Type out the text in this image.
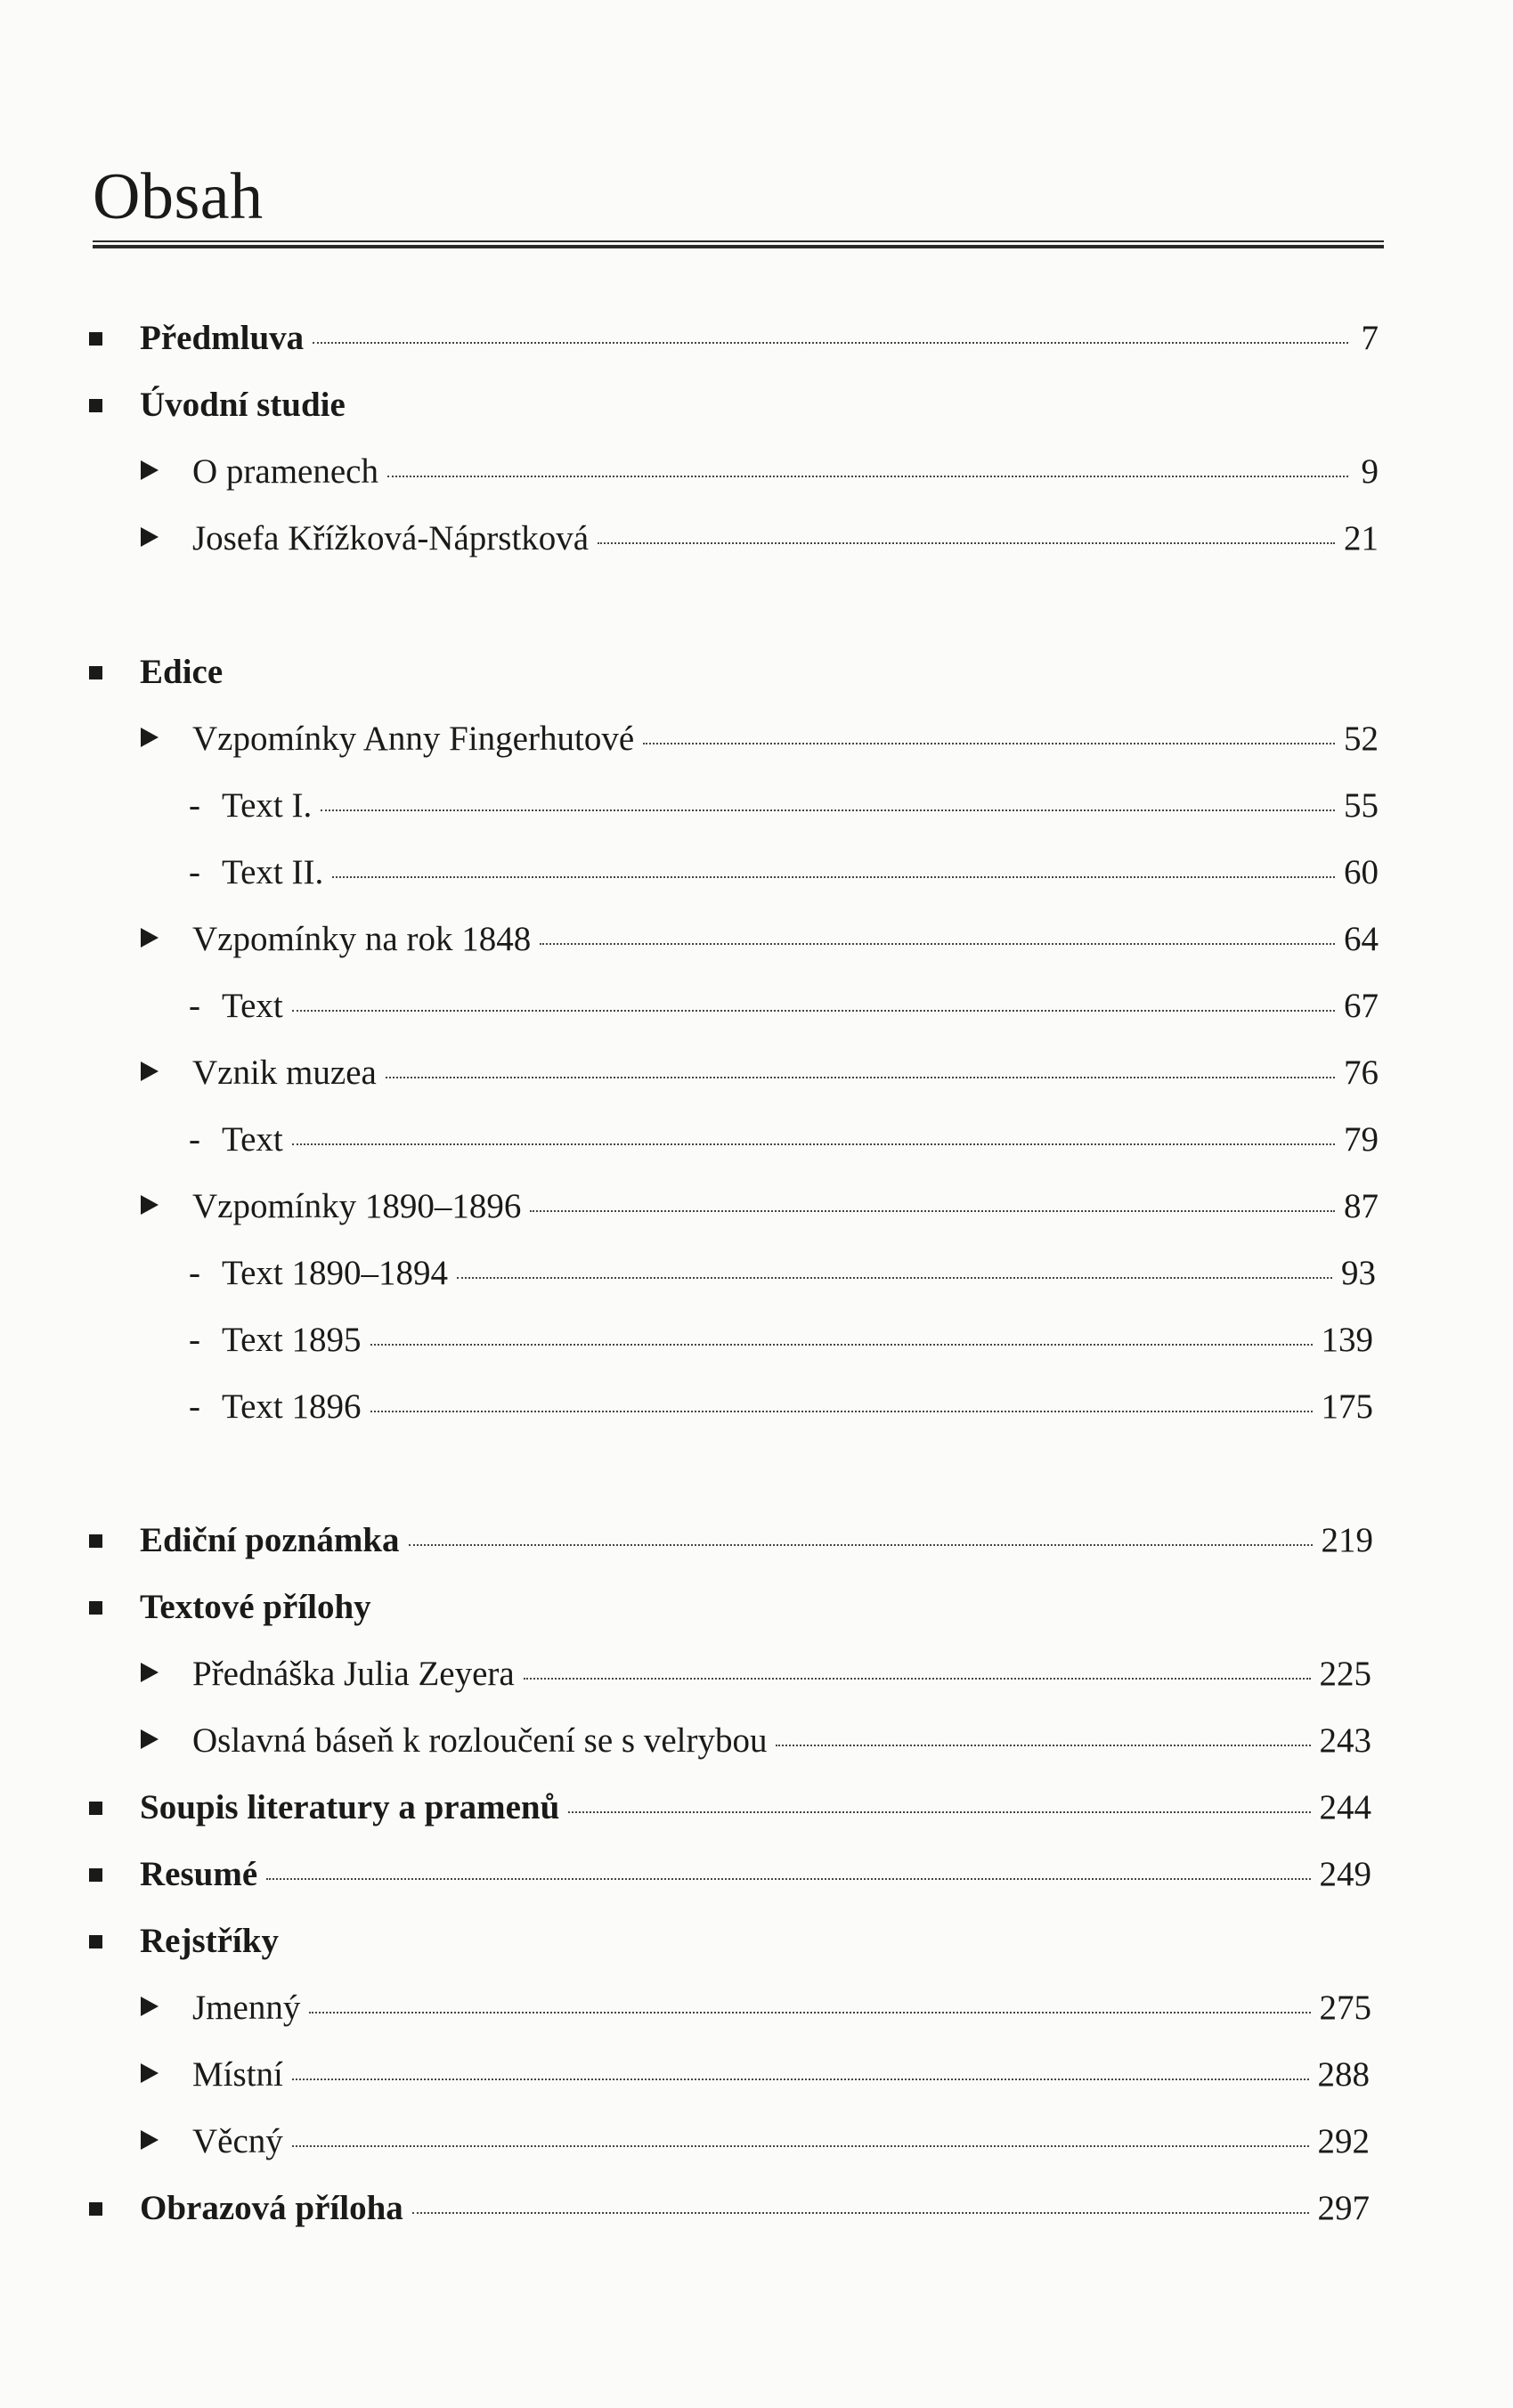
Obsah
Předmluva	7
Úvodní studie
O pramenech	9
Josefa Křížková-Náprstková	21
Edice
Vzpomínky Anny Fingerhutové	52
- Text I.	55
- Text II.	60
Vzpomínky na rok 1848	64
- Text	67
Vznik muzea	76
- Text	79
Vzpomínky 1890–1896	87
- Text 1890–1894	93
- Text 1895	139
- Text 1896	175
Ediční poznámka	219
Textové přílohy
Přednáška Julia Zeyera	225
Oslavná báseň k rozloučení se s velrybou	243
Soupis literatury a pramenů	244
Resumé	249
Rejstříky
Jmenný	275
Místní	288
Věcný	292
Obrazová příloha	297
